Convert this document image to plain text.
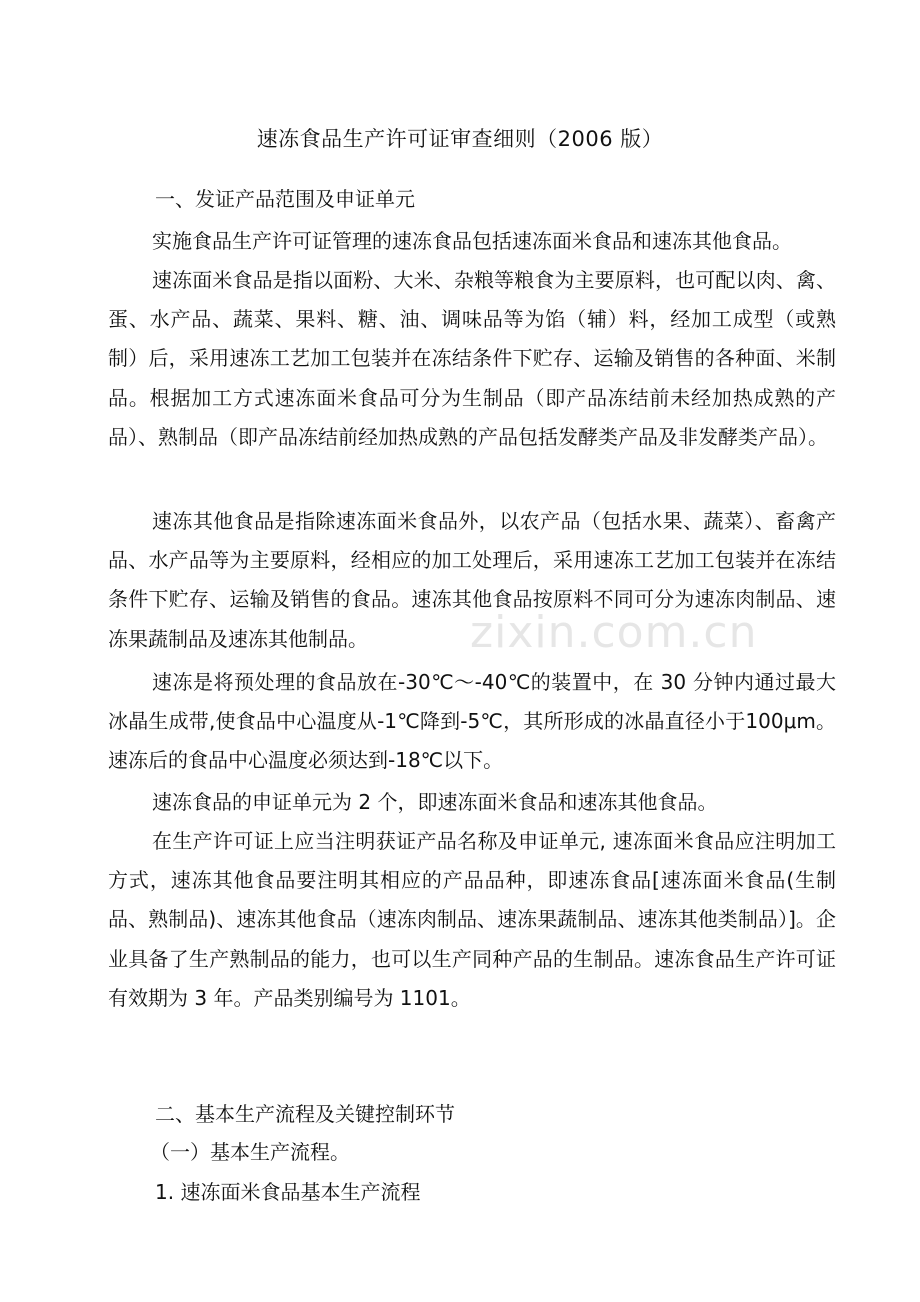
速冻食品生产许可证审查细则（2006 版）
一、发证产品范围及申证单元
实施食品生产许可证管理的速冻食品包括速冻面米食品和速冻其他食品。
速冻面米食品是指以面粉、大米、杂粮等粮食为主要原料，也可配以肉、禽、蛋、水产品、蔬菜、果料、糖、油、调味品等为馅（辅）料，经加工成型（或熟制）后，采用速冻工艺加工包装并在冻结条件下贮存、运输及销售的各种面、米制品。根据加工方式速冻面米食品可分为生制品（即产品冻结前未经加热成熟的产品）、熟制品（即产品冻结前经加热成熟的产品包括发酵类产品及非发酵类产品）。
速冻其他食品是指除速冻面米食品外，以农产品（包括水果、蔬菜）、畜禽产品、水产品等为主要原料，经相应的加工处理后，采用速冻工艺加工包装并在冻结条件下贮存、运输及销售的食品。速冻其他食品按原料不同可分为速冻肉制品、速冻果蔬制品及速冻其他制品。
速冻是将预处理的食品放在-30℃～-40℃的装置中，在 30 分钟内通过最大冰晶生成带,使食品中心温度从-1℃降到-5℃，其所形成的冰晶直径小于100μm。速冻后的食品中心温度必须达到-18℃以下。
速冻食品的申证单元为 2 个，即速冻面米食品和速冻其他食品。
在生产许可证上应当注明获证产品名称及申证单元, 速冻面米食品应注明加工方式，速冻其他食品要注明其相应的产品品种，即速冻食品[速冻面米食品(生制品、熟制品)、速冻其他食品（速冻肉制品、速冻果蔬制品、速冻其他类制品）]。企业具备了生产熟制品的能力，也可以生产同种产品的生制品。速冻食品生产许可证有效期为 3 年。产品类别编号为 1101。
二、基本生产流程及关键控制环节
（一）基本生产流程。
1. 速冻面米食品基本生产流程
zixin.com.cn
